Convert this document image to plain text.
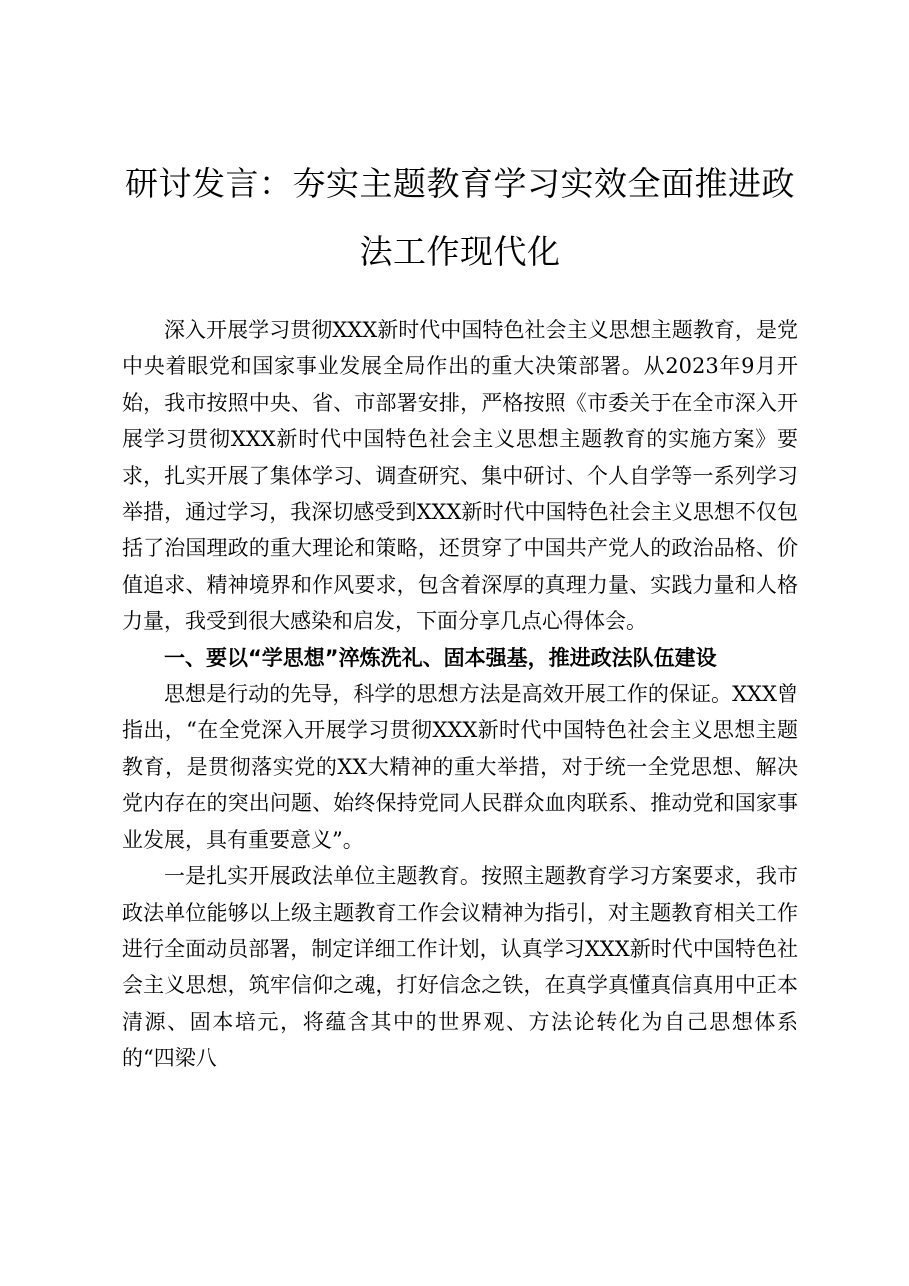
研讨发言：夯实主题教育学习实效全面推进政
法工作现代化

深入开展学习贯彻XXX新时代中国特色社会主义思想主题教育，是党中央着眼党和国家事业发展全局作出的重大决策部署。从2023年9月开始，我市按照中央、省、市部署安排，严格按照《市委关于在全市深入开展学习贯彻XXX新时代中国特色社会主义思想主题教育的实施方案》要求，扎实开展了集体学习、调查研究、集中研讨、个人自学等一系列学习举措，通过学习，我深切感受到XXX新时代中国特色社会主义思想不仅包括了治国理政的重大理论和策略，还贯穿了中国共产党人的政治品格、价值追求、精神境界和作风要求，包含着深厚的真理力量、实践力量和人格力量，我受到很大感染和启发，下面分享几点心得体会。

一、要以“学思想”淬炼洗礼、固本强基，推进政法队伍建设

思想是行动的先导，科学的思想方法是高效开展工作的保证。XXX曾指出，“在全党深入开展学习贯彻XXX新时代中国特色社会主义思想主题教育，是贯彻落实党的XX大精神的重大举措，对于统一全党思想、解决党内存在的突出问题、始终保持党同人民群众血肉联系、推动党和国家事业发展，具有重要意义”。

一是扎实开展政法单位主题教育。按照主题教育学习方案要求，我市政法单位能够以上级主题教育工作会议精神为指引，对主题教育相关工作进行全面动员部署，制定详细工作计划，认真学习XXX新时代中国特色社会主义思想，筑牢信仰之魂，打好信念之铁，在真学真懂真信真用中正本清源、固本培元，将蕴含其中的世界观、方法论转化为自己思想体系的“四梁八
